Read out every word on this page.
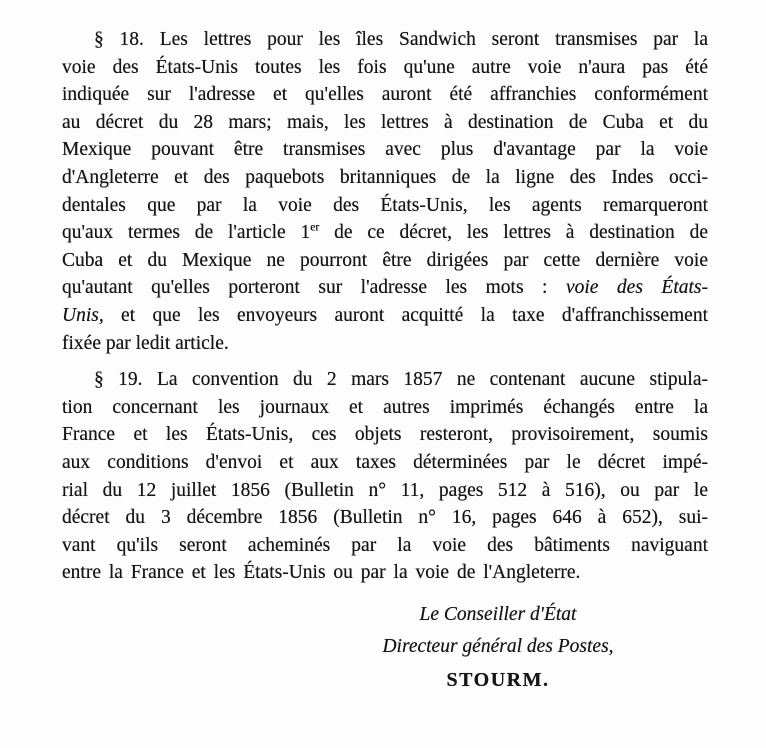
§ 18. Les lettres pour les îles Sandwich seront transmises par la
voie des États-Unis toutes les fois qu'une autre voie n'aura pas été
indiquée sur l'adresse et qu'elles auront été affranchies conformément
au décret du 28 mars; mais, les lettres à destination de Cuba et du
Mexique pouvant être transmises avec plus d'avantage par la voie
d'Angleterre et des paquebots britanniques de la ligne des Indes occi-
dentales que par la voie des États-Unis, les agents remarqueront
qu'aux termes de l'article 1er de ce décret, les lettres à destination de
Cuba et du Mexique ne pourront être dirigées par cette dernière voie
qu'autant qu'elles porteront sur l'adresse les mots : voie des États-
Unis, et que les envoyeurs auront acquitté la taxe d'affranchissement
fixée par ledit article.
§ 19. La convention du 2 mars 1857 ne contenant aucune stipula-
tion concernant les journaux et autres imprimés échangés entre la
France et les États-Unis, ces objets resteront, provisoirement, soumis
aux conditions d'envoi et aux taxes déterminées par le décret impé-
rial du 12 juillet 1856 (Bulletin n° 11, pages 512 à 516), ou par le
décret du 3 décembre 1856 (Bulletin n° 16, pages 646 à 652), sui-
vant qu'ils seront acheminés par la voie des bâtiments naviguant
entre la France et les États-Unis ou par la voie de l'Angleterre.
Le Conseiller d'État
Directeur général des Postes,
STOURM.
